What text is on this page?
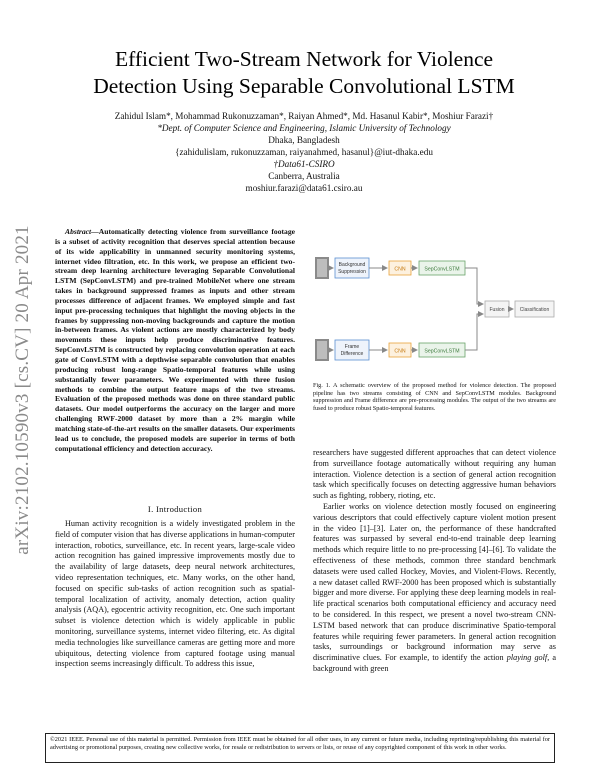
arXiv:2102.10590v3 [cs.CV] 20 Apr 2021
Efficient Two-Stream Network for Violence
Detection Using Separable Convolutional LSTM
Zahidul Islam*, Mohammad Rukonuzzaman*, Raiyan Ahmed*, Md. Hasanul Kabir*, Moshiur Farazi†
*Dept. of Computer Science and Engineering, Islamic University of Technology
Dhaka, Bangladesh
{zahidulislam, rukonuzzaman, raiyanahmed, hasanul}@iut-dhaka.edu
†Data61-CSIRO
Canberra, Australia
moshiur.farazi@data61.csiro.au

Abstract—Automatically detecting violence from surveillance footage is a subset of activity recognition that deserves special attention because of its wide applicability in unmanned security monitoring systems, internet video filtration, etc. In this work, we propose an efficient two-stream deep learning architecture leveraging Separable Convolutional LSTM (SepConvLSTM) and pre-trained MobileNet where one stream takes in background suppressed frames as inputs and other stream processes difference of adjacent frames. We employed simple and fast input pre-processing techniques that highlight the moving objects in the frames by suppressing non-moving backgrounds and capture the motion in-between frames. As violent actions are mostly characterized by body movements these inputs help produce discriminative features. SepConvLSTM is constructed by replacing convolution operation at each gate of ConvLSTM with a depthwise separable convolution that enables producing robust long-range Spatio-temporal features while using substantially fewer parameters. We experimented with three fusion methods to combine the output feature maps of the two streams. Evaluation of the proposed methods was done on three standard public datasets. Our model outperforms the accuracy on the larger and more challenging RWF-2000 dataset by more than a 2% margin while matching state-of-the-art results on the smaller datasets. Our experiments lead us to conclude, the proposed models are superior in terms of both computational efficiency and detection accuracy.

I. Introduction

Human activity recognition is a widely investigated problem in the field of computer vision that has diverse applications in human-computer interaction, robotics, surveillance, etc. In recent years, large-scale video action recognition has gained impressive improvements mostly due to the availability of large datasets, deep neural network architectures, video representation techniques, etc. Many works, on the other hand, focused on specific sub-tasks of action recognition such as spatial-temporal localization of activity, anomaly detection, action quality analysis (AQA), egocentric activity recognition, etc. One such important subset is violence detection which is widely applicable in public monitoring, surveillance systems, internet video filtering, etc. As digital media technologies like surveillance cameras are getting more and more ubiquitous, detecting violence from captured footage using manual inspection seems increasingly difficult. To address this issue,

Background
Suppression	CNN	SepConvLSTM
Frame
Difference	CNN	SepConvLSTM
Fusion	Classification

Fig. 1. A schematic overview of the proposed method for violence detection. The proposed pipeline has two streams consisting of CNN and SepConvLSTM modules. Background suppression and Frame difference are pre-processing modules. The output of the two streams are fused to produce robust Spatio-temporal features.

researchers have suggested different approaches that can detect violence from surveillance footage automatically without requiring any human interaction. Violence detection is a section of general action recognition task which specifically focuses on detecting aggressive human behaviors such as fighting, robbery, rioting, etc.

Earlier works on violence detection mostly focused on engineering various descriptors that could effectively capture violent motion present in the video [1]–[3]. Later on, the performance of these handcrafted features was surpassed by several end-to-end trainable deep learning methods which require little to no pre-processing [4]–[6]. To validate the effectiveness of these methods, common three standard benchmark datasets were used called Hockey, Movies, and Violent-Flows. Recently, a new dataset called RWF-2000 has been proposed which is substantially bigger and more diverse. For applying these deep learning models in real-life practical scenarios both computational efficiency and accuracy need to be considered. In this respect, we present a novel two-stream CNN-LSTM based network that can produce discriminative Spatio-temporal features while requiring fewer parameters. In general action recognition tasks, surroundings or background information may serve as discriminative clues. For example, to identify the action playing golf, a background with green

©2021 IEEE. Personal use of this material is permitted. Permission from IEEE must be obtained for all other uses, in any current or future media, including reprinting/republishing this material for advertising or promotional purposes, creating new collective works, for resale or redistribution to servers or lists, or reuse of any copyrighted component of this work in other works.
